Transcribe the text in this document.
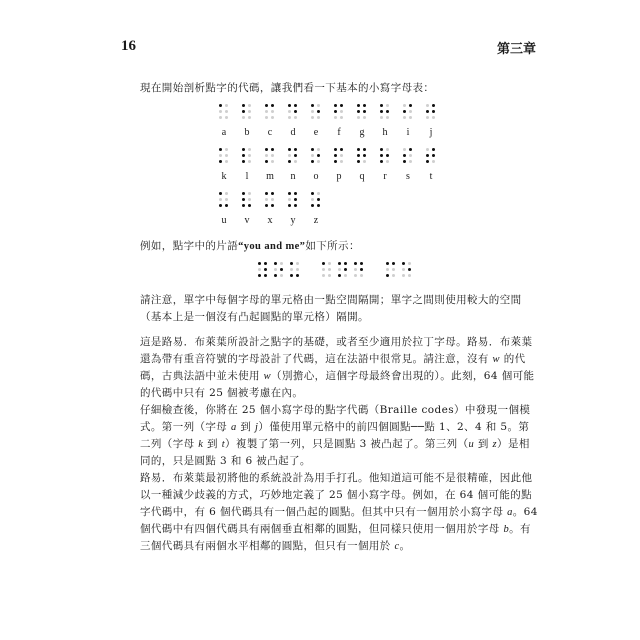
16	第三章

現在開始剖析點字的代碼，讓我們看一下基本的小寫字母表：

a	b	c	d	e	f	g	h	i	j
k	l	m	n	o	p	q	r	s	t
u	v	x	y	z

例如，點字中的片語“you and me”如下所示：

請注意，單字中每個字母的單元格由一點空間隔開；單字之間則使用較大的空間（基本上是一個沒有凸起圓點的單元格）隔開。

這是路易．布萊葉所設計之點字的基礎，或者至少適用於拉丁字母。路易．布萊葉還為帶有重音符號的字母設計了代碼，這在法語中很常見。請注意，沒有 w 的代碼，古典法語中並未使用 w（別擔心，這個字母最終會出現的）。此刻，64 個可能的代碼中只有 25 個被考慮在內。

仔細檢查後，你將在 25 個小寫字母的點字代碼（Braille codes）中發現一個模式。第一列（字母 a 到 j）僅使用單元格中的前四個圓點──點 1、2、4 和 5。第二列（字母 k 到 t）複製了第一列，只是圓點 3 被凸起了。第三列（u 到 z）是相同的，只是圓點 3 和 6 被凸起了。

路易．布萊葉最初將他的系統設計為用手打孔。他知道這可能不是很精確，因此他以一種減少歧義的方式，巧妙地定義了 25 個小寫字母。例如，在 64 個可能的點字代碼中，有 6 個代碼具有一個凸起的圓點。但其中只有一個用於小寫字母 a。64 個代碼中有四個代碼具有兩個垂直相鄰的圓點，但同樣只使用一個用於字母 b。有三個代碼具有兩個水平相鄰的圓點，但只有一個用於 c。
